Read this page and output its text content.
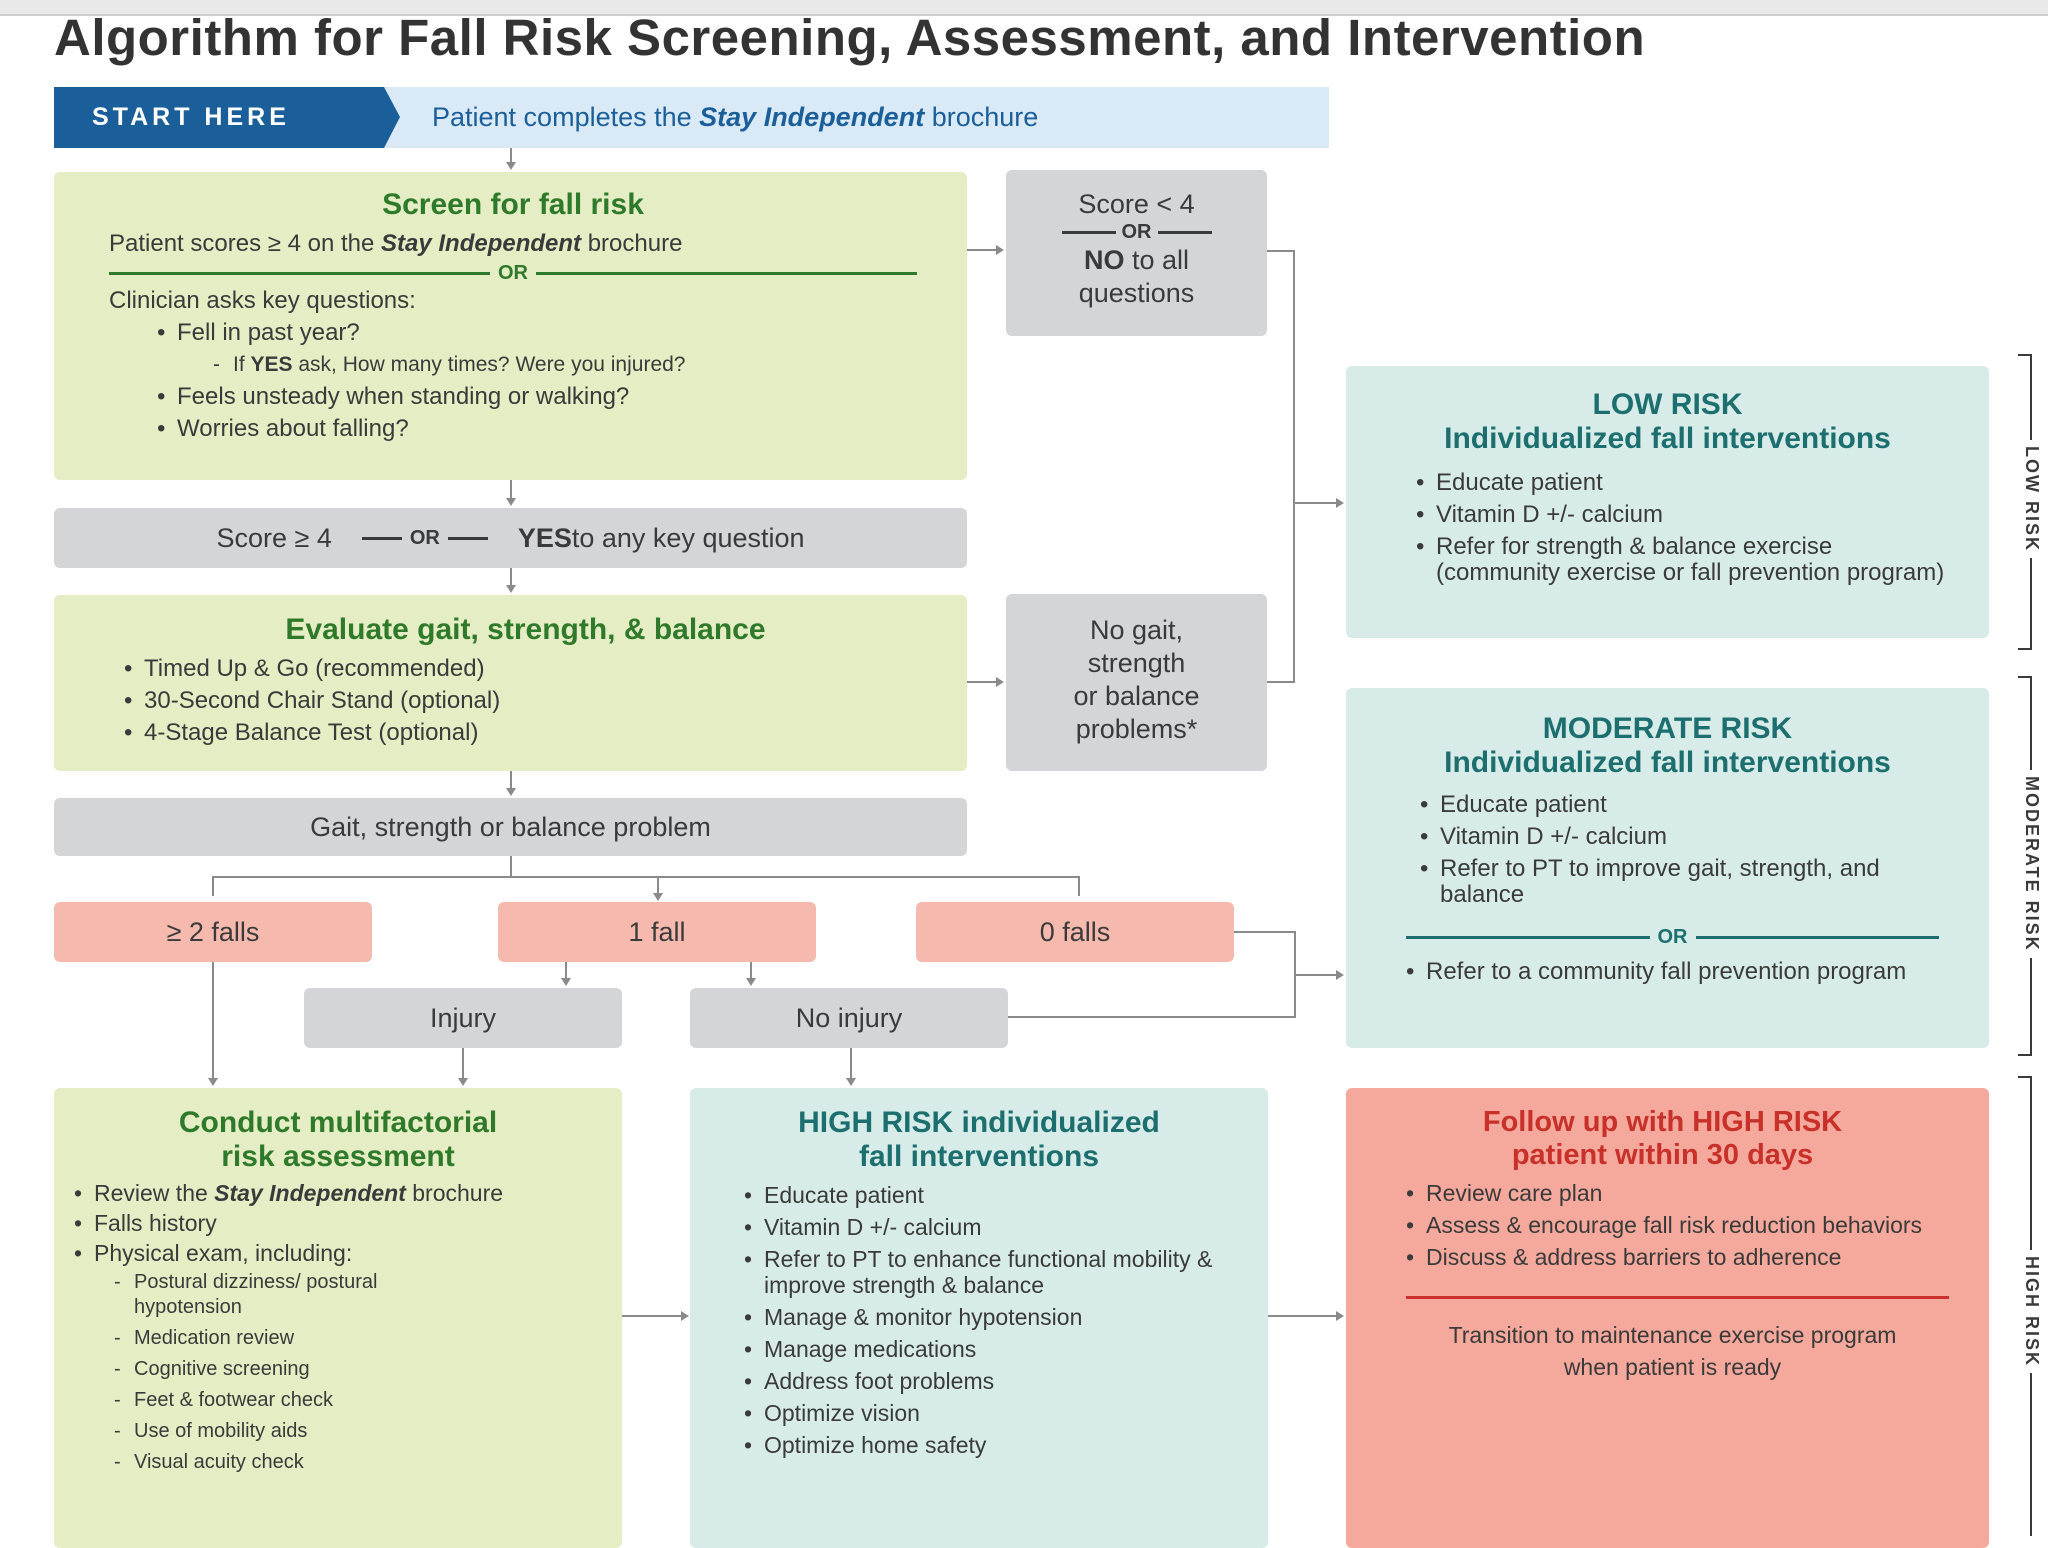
Algorithm for Fall Risk Screening, Assessment, and Intervention
START HERE	Patient completes the Stay Independent brochure
Screen for fall risk
Patient scores ≥ 4 on the Stay Independent brochure
OR
Clinician asks key questions:
• Fell in past year?
- If YES ask, How many times? Were you injured?
• Feels unsteady when standing or walking?
• Worries about falling?
Score < 4
OR
NO to all
questions
Score ≥ 4	OR	YES to any key question
Evaluate gait, strength, & balance
• Timed Up & Go (recommended)
• 30-Second Chair Stand (optional)
• 4-Stage Balance Test (optional)
No gait,
strength
or balance
problems*
Gait, strength or balance problem
≥ 2 falls	1 fall	0 falls
Injury	No injury
LOW RISK
Individualized fall interventions
• Educate patient
• Vitamin D +/- calcium
• Refer for strength & balance exercise (community exercise or fall prevention program)
MODERATE RISK
Individualized fall interventions
• Educate patient
• Vitamin D +/- calcium
• Refer to PT to improve gait, strength, and balance
OR
• Refer to a community fall prevention program
Conduct multifactorial
risk assessment
• Review the Stay Independent brochure
• Falls history
• Physical exam, including:
- Postural dizziness/ postural hypotension
- Medication review
- Cognitive screening
- Feet & footwear check
- Use of mobility aids
- Visual acuity check
HIGH RISK individualized
fall interventions
• Educate patient
• Vitamin D +/- calcium
• Refer to PT to enhance functional mobility & improve strength & balance
• Manage & monitor hypotension
• Manage medications
• Address foot problems
• Optimize vision
• Optimize home safety
Follow up with HIGH RISK
patient within 30 days
• Review care plan
• Assess & encourage fall risk reduction behaviors
• Discuss & address barriers to adherence
Transition to maintenance exercise program when patient is ready
LOW RISK
MODERATE RISK
HIGH RISK
